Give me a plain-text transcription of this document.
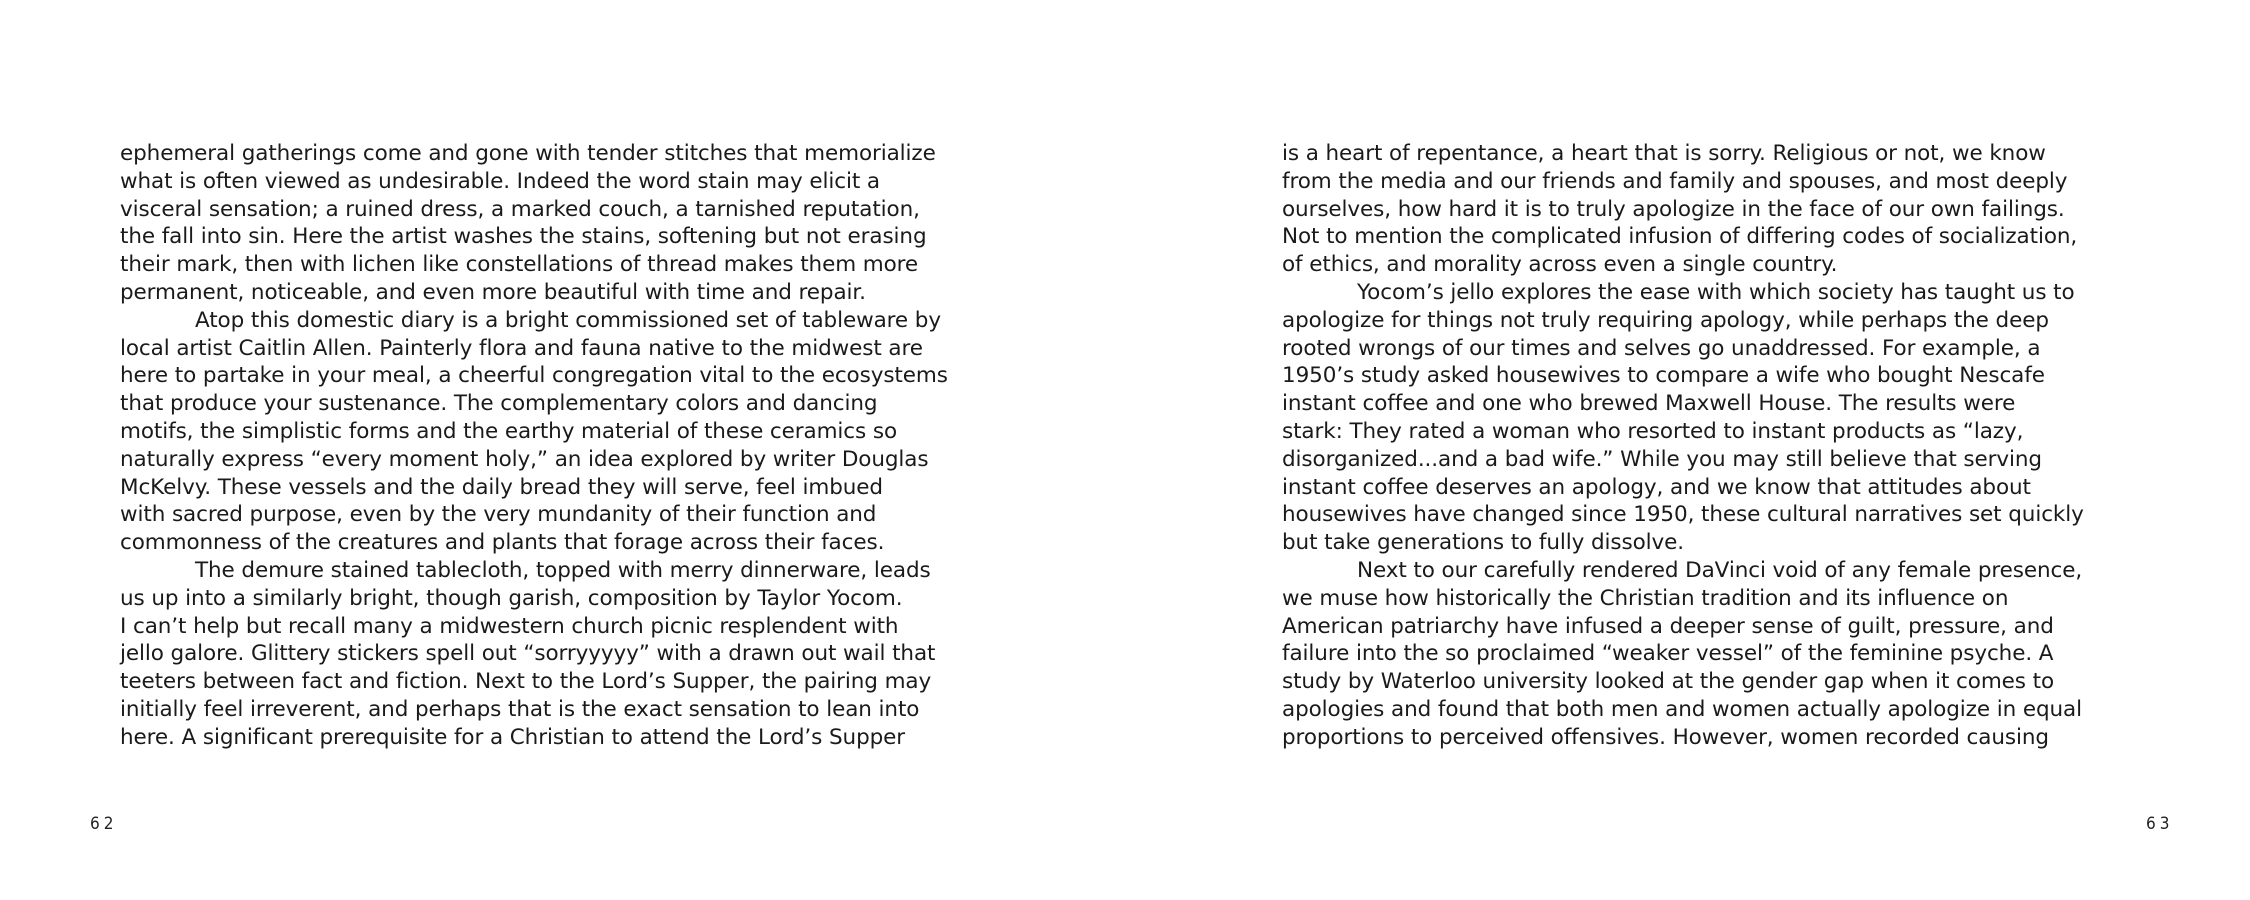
ephemeral gatherings come and gone with tender stitches that memorialize
what is often viewed as undesirable. Indeed the word stain may elicit a
visceral sensation; a ruined dress, a marked couch, a tarnished reputation,
the fall into sin. Here the artist washes the stains, softening but not erasing
their mark, then with lichen like constellations of thread makes them more
permanent, noticeable, and even more beautiful with time and repair.
Atop this domestic diary is a bright commissioned set of tableware by
local artist Caitlin Allen. Painterly flora and fauna native to the midwest are
here to partake in your meal, a cheerful congregation vital to the ecosystems
that produce your sustenance. The complementary colors and dancing
motifs, the simplistic forms and the earthy material of these ceramics so
naturally express “every moment holy,” an idea explored by writer Douglas
McKelvy. These vessels and the daily bread they will serve, feel imbued
with sacred purpose, even by the very mundanity of their function and
commonness of the creatures and plants that forage across their faces.
The demure stained tablecloth, topped with merry dinnerware, leads
us up into a similarly bright, though garish, composition by Taylor Yocom.
I can’t help but recall many a midwestern church picnic resplendent with
jello galore. Glittery stickers spell out “sorryyyyy” with a drawn out wail that
teeters between fact and fiction. Next to the Lord’s Supper, the pairing may
initially feel irreverent, and perhaps that is the exact sensation to lean into
here. A significant prerequisite for a Christian to attend the Lord’s Supper
62
is a heart of repentance, a heart that is sorry. Religious or not, we know
from the media and our friends and family and spouses, and most deeply
ourselves, how hard it is to truly apologize in the face of our own failings.
Not to mention the complicated infusion of differing codes of socialization,
of ethics, and morality across even a single country.
Yocom’s jello explores the ease with which society has taught us to
apologize for things not truly requiring apology, while perhaps the deep
rooted wrongs of our times and selves go unaddressed. For example, a
1950’s study asked housewives to compare a wife who bought Nescafe
instant coffee and one who brewed Maxwell House. The results were
stark: They rated a woman who resorted to instant products as “lazy,
disorganized...and a bad wife.” While you may still believe that serving
instant coffee deserves an apology, and we know that attitudes about
housewives have changed since 1950, these cultural narratives set quickly
but take generations to fully dissolve.
Next to our carefully rendered DaVinci void of any female presence,
we muse how historically the Christian tradition and its influence on
American patriarchy have infused a deeper sense of guilt, pressure, and
failure into the so proclaimed “weaker vessel” of the feminine psyche. A
study by Waterloo university looked at the gender gap when it comes to
apologies and found that both men and women actually apologize in equal
proportions to perceived offensives. However, women recorded causing
63
